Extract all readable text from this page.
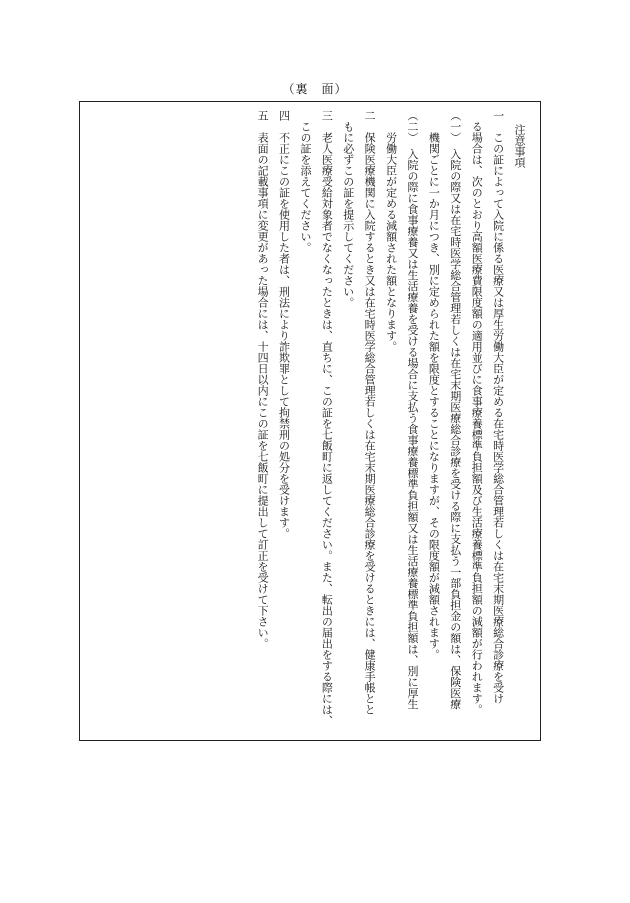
（裏　面）
注意事項
一　この証によって入院に係る医療又は厚生労働大臣が定める在宅時医学総合管理若しくは在宅末期医療総合診療を受け
　る場合は、次のとおり高額医療費限度額の適用並びに食事療養標準負担額及び生活療養標準負担額の減額が行われます。
（一）　入院の際又は在宅時医学総合管理若しくは在宅末期医療総合診療を受ける際に支払う一部負担金の額は、保険医療
　　機関ごとに一か月につき、別に定められた額を限度とすることになりますが、その限度額が減額されます。
（二）　入院の際に食事療養又は生活療養を受ける場合に支払う食事療養標準負担額又は生活療養標準負担額は、別に厚生
　　労働大臣が定める減額された額となります。
二　保険医療機関に入院するとき又は在宅時医学総合管理若しくは在宅末期医療総合診療を受けるときには、健康手帳とと
　もに必ずこの証を提示してください。
三　老人医療受給対象者でなくなったときは、直ちに、この証を七飯町に返してください。また、転出の届出をする際には、
　この証を添えてください。
四　不正にこの証を使用した者は、刑法により詐欺罪として拘禁刑の処分を受けます。
五　表面の記載事項に変更があった場合には、十四日以内にこの証を七飯町に提出して訂正を受けて下さい。
